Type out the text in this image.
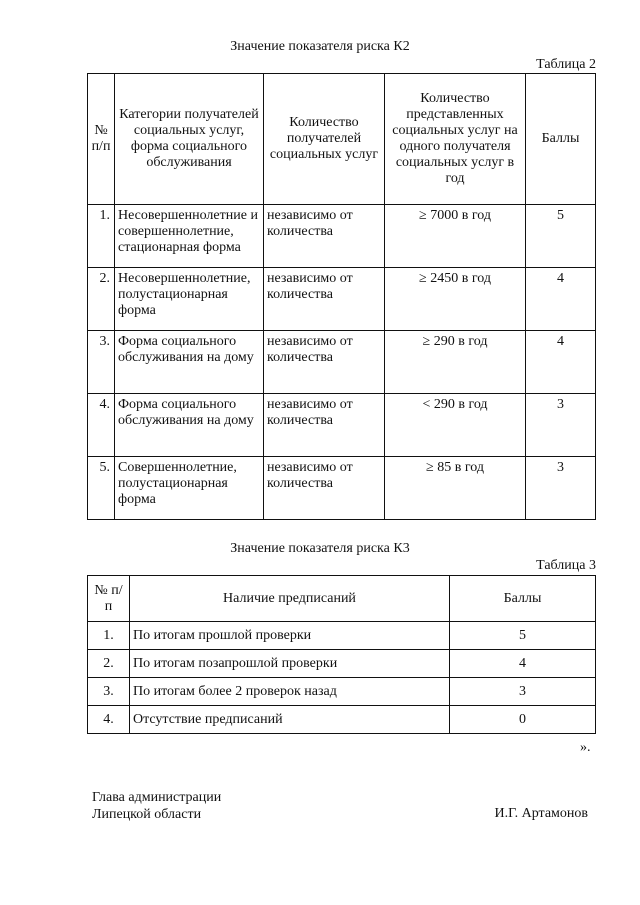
Значение показателя риска К2
Таблица 2
№ п/п	Категории получателей социальных услуг, форма социального обслуживания	Количество получателей социальных услуг	Количество представленных социальных услуг на одного получателя социальных услуг в год	Баллы
1.	Несовершеннолетние и совершеннолетние, стационарная форма	независимо от количества	≥ 7000 в год	5
2.	Несовершеннолетние, полустационарная форма	независимо от количества	≥ 2450 в год	4
3.	Форма социального обслуживания на дому	независимо от количества	≥ 290 в год	4
4.	Форма социального обслуживания на дому	независимо от количества	< 290 в год	3
5.	Совершеннолетние, полустационарная форма	независимо от количества	≥ 85 в год	3
Значение показателя риска К3
Таблица 3
№ п/п	Наличие предписаний	Баллы
1.	По итогам прошлой проверки	5
2.	По итогам позапрошлой проверки	4
3.	По итогам более 2 проверок назад	3
4.	Отсутствие предписаний	0
».
Глава администрации
Липецкой области	И.Г. Артамонов
